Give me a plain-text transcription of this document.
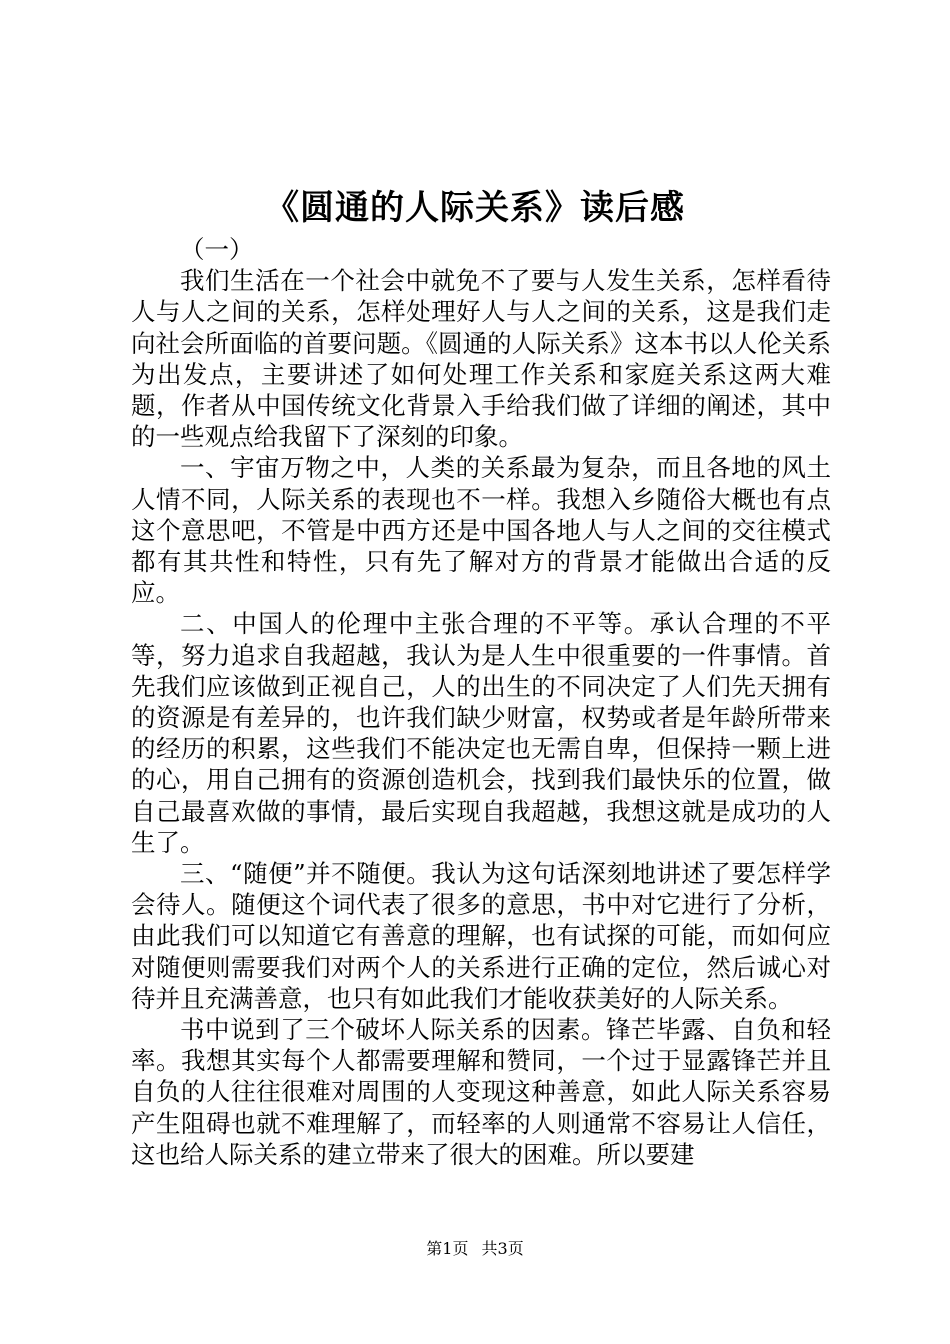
《圆通的人际关系》读后感

（一）

我们生活在一个社会中就免不了要与人发生关系，怎样看待人与人之间的关系，怎样处理好人与人之间的关系，这是我们走向社会所面临的首要问题。《圆通的人际关系》这本书以人伦关系为出发点，主要讲述了如何处理工作关系和家庭关系这两大难题，作者从中国传统文化背景入手给我们做了详细的阐述，其中的一些观点给我留下了深刻的印象。

一、宇宙万物之中，人类的关系最为复杂，而且各地的风土人情不同，人际关系的表现也不一样。我想入乡随俗大概也有点这个意思吧，不管是中西方还是中国各地人与人之间的交往模式都有其共性和特性，只有先了解对方的背景才能做出合适的反应。

二、中国人的伦理中主张合理的不平等。承认合理的不平等，努力追求自我超越，我认为是人生中很重要的一件事情。首先我们应该做到正视自己，人的出生的不同决定了人们先天拥有的资源是有差异的，也许我们缺少财富，权势或者是年龄所带来的经历的积累，这些我们不能决定也无需自卑，但保持一颗上进的心，用自己拥有的资源创造机会，找到我们最快乐的位置，做自己最喜欢做的事情，最后实现自我超越，我想这就是成功的人生了。

三、“随便”并不随便。我认为这句话深刻地讲述了要怎样学会待人。随便这个词代表了很多的意思，书中对它进行了分析，由此我们可以知道它有善意的理解，也有试探的可能，而如何应对随便则需要我们对两个人的关系进行正确的定位，然后诚心对待并且充满善意，也只有如此我们才能收获美好的人际关系。

书中说到了三个破坏人际关系的因素。锋芒毕露、自负和轻率。我想其实每个人都需要理解和赞同，一个过于显露锋芒并且自负的人往往很难对周围的人变现这种善意，如此人际关系容易产生阻碍也就不难理解了，而轻率的人则通常不容易让人信任，这也给人际关系的建立带来了很大的困难。所以要建

第1页 共3页
